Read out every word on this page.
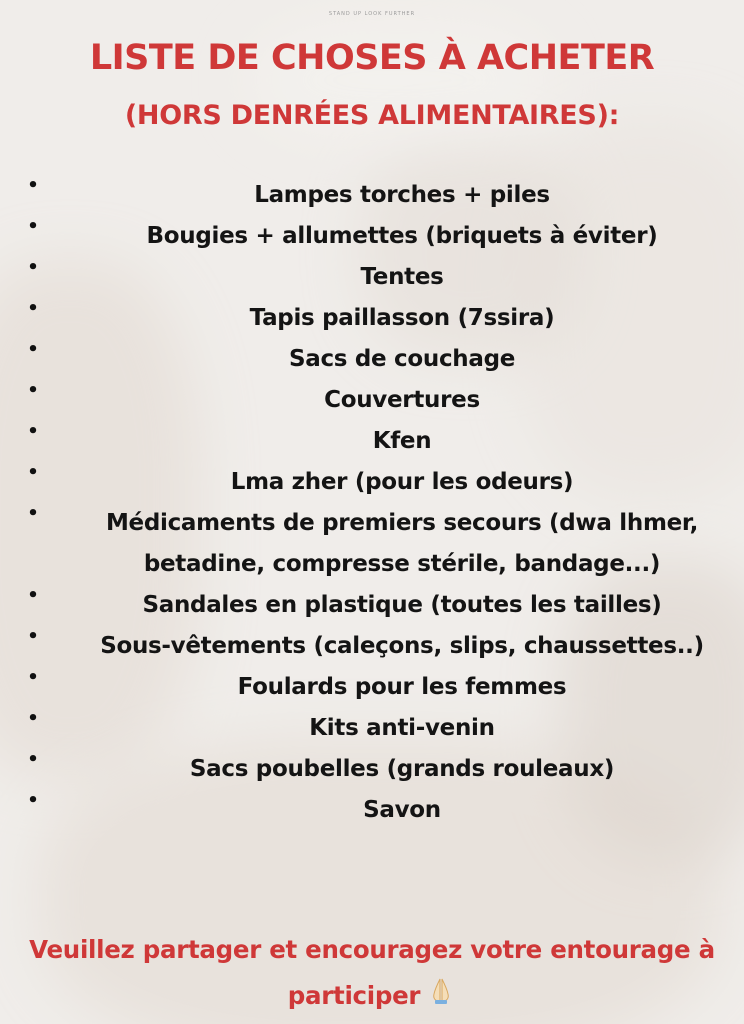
STAND UP LOOK FURTHER
LISTE DE CHOSES À ACHETER
(HORS DENRÉES ALIMENTAIRES):
•	Lampes torches + piles
•	Bougies + allumettes (briquets à éviter)
•	Tentes
•	Tapis paillasson (7ssira)
•	Sacs de couchage
•	Couvertures
•	Kfen
•	Lma zher (pour les odeurs)
•	Médicaments de premiers secours (dwa lhmer, betadine, compresse stérile, bandage...)
•	Sandales en plastique (toutes les tailles)
•	Sous-vêtements (caleçons, slips, chaussettes..)
•	Foulards pour les femmes
•	Kits anti-venin
•	Sacs poubelles (grands rouleaux)
•	Savon
Veuillez partager et encouragez votre entourage à participer
